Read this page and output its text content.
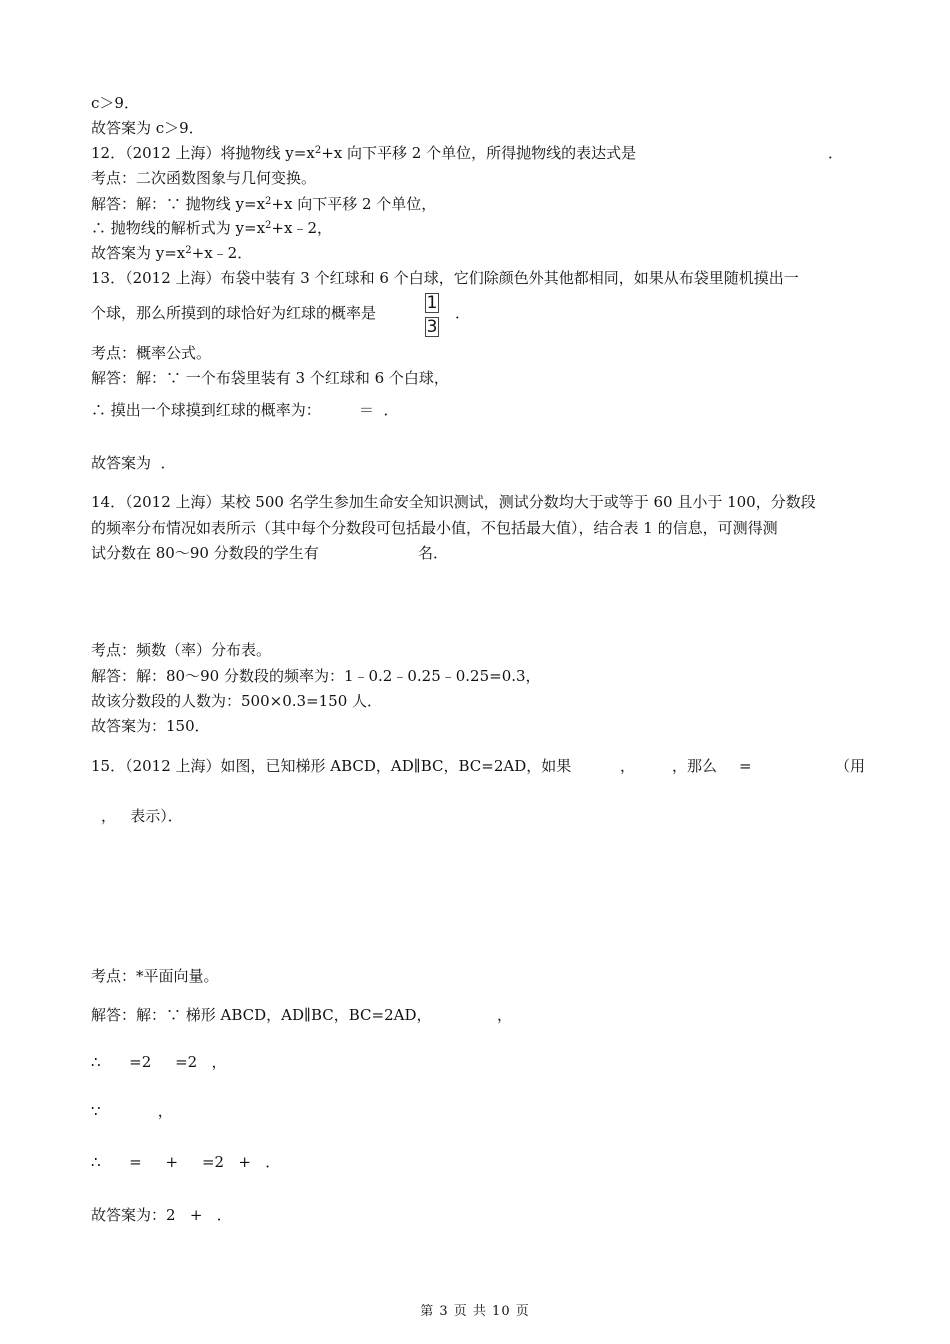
c＞9．
故答案为 c＞9．
12．（2012 上海）将抛物线 $y=x^2+x$ 向下平移 2 个单位，所得抛物线的表达式是	．
考点：二次函数图象与几何变换。
解答：解：∵ 抛物线 $y=x^2+x$ 向下平移 2 个单位，
∴ 抛物线的解析式为 $y=x^2+x﹣2$，
故答案为 $y=x^2+x﹣2$．
13．（2012 上海）布袋中装有 3 个红球和 6 个白球，它们除颜色外其他都相同，如果从布袋里随机摸出一
个球，那么所摸到的球恰好为红球的概率是	$\frac{1}{3}$ ．
考点：概率公式。
解答：解：∵ 一个布袋里装有 3 个红球和 6 个白球，
∴ 摸出一个球摸到红球的概率为：        ＝  ．
故答案为  ．
14．（2012 上海）某校 500 名学生参加生命安全知识测试，测试分数均大于或等于 60 且小于 100，分数段
的频率分布情况如表所示（其中每个分数段可包括最小值，不包括最大值），结合表 1 的信息，可测得测
试分数在 80～90 分数段的学生有	名．
考点：频数（率）分布表。
解答：解：80～90 分数段的频率为：1﹣0.2﹣0.25﹣0.25=0.3，
故该分数段的人数为：500×0.3=150 人．
故答案为：150．
15．（2012 上海）如图，已知梯形 ABCD，AD∥BC，BC=2AD，如果	， ，那么 =	（用
，   表示）．
考点：*平面向量。
解答：解：∵ 梯形 ABCD，AD∥BC，BC=2AD，	，
∴      =2     =2   ，
∵            ，
∴      =     +     =2   +   ．
故答案为：2   +   ．
第 3 页 共 10 页
